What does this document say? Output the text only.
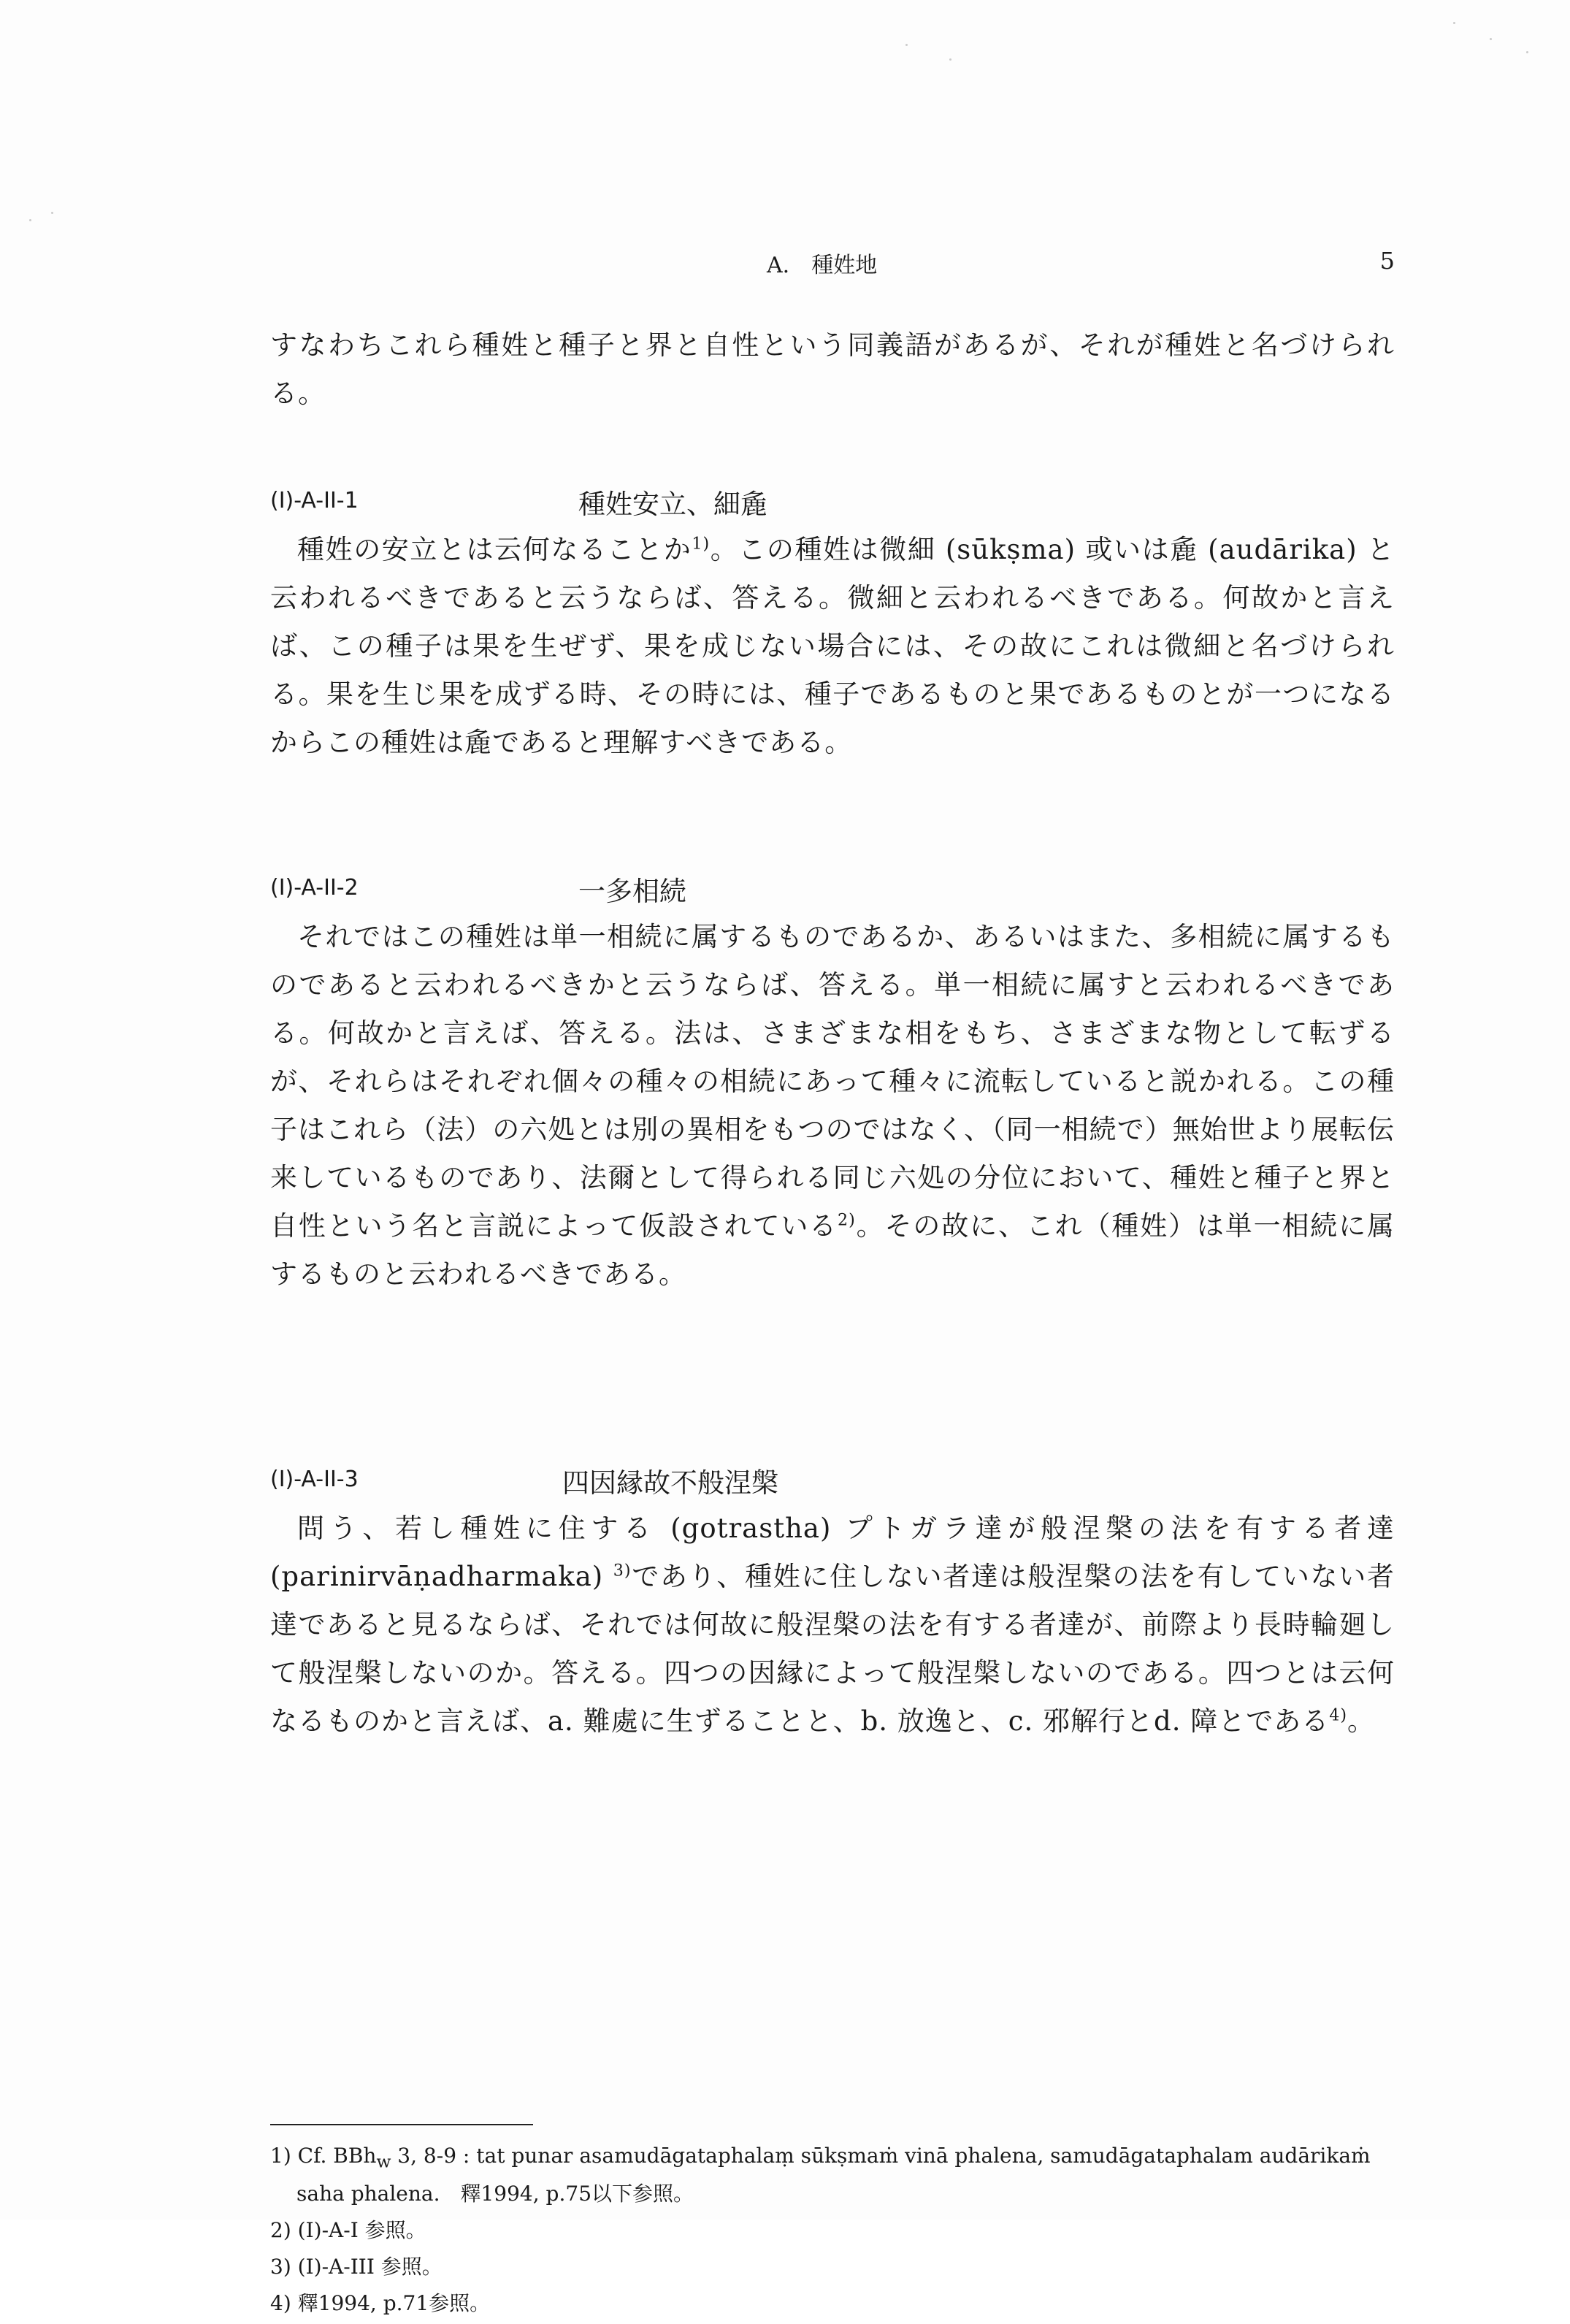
A.　種姓地	5

すなわちこれら種姓と種子と界と自性という同義語があるが、それが種姓と名づけられる。

(I)-A-II-1	種姓安立、細麁

種姓の安立とは云何なることか$^{1)}$。この種姓は微細 (sūkṣma) 或いは麁 (audārika) と云われるべきであると云うならば、答える。微細と云われるべきである。何故かと言えば、この種子は果を生ぜず、果を成じない場合には、その故にこれは微細と名づけられる。果を生じ果を成ずる時、その時には、種子であるものと果であるものとが一つになるからこの種姓は麁であると理解すべきである。

(I)-A-II-2	一多相続

それではこの種姓は単一相続に属するものであるか、あるいはまた、多相続に属するものであると云われるべきかと云うならば、答える。単一相続に属すと云われるべきである。何故かと言えば、答える。法は、さまざまな相をもち、さまざまな物として転ずるが、それらはそれぞれ個々の種々の相続にあって種々に流転していると説かれる。この種子はこれら（法）の六処とは別の異相をもつのではなく、（同一相続で）無始世より展転伝来しているものであり、法爾として得られる同じ六処の分位において、種姓と種子と界と自性という名と言説によって仮設されている$^{2)}$。その故に、これ（種姓）は単一相続に属するものと云われるべきである。

(I)-A-II-3	四因縁故不般涅槃

問う、若し種姓に住する (gotrastha) プトガラ達が般涅槃の法を有する者達 (parinirvāṇadharmaka) $^{3)}$であり、種姓に住しない者達は般涅槃の法を有していない者達であると見るならば、それでは何故に般涅槃の法を有する者達が、前際より長時輪廻して般涅槃しないのか。答える。四つの因縁によって般涅槃しないのである。四つとは云何なるものかと言えば、a. 難處に生ずることと、b. 放逸と、c. 邪解行とd. 障とである$^{4)}$。

1) Cf. BBh$_w$ 3, 8-9 : tat punar asamudāgataphalaṃ sūkṣmaṁ vinā phalena, samudāgataphalam audārikaṁ saha phalena.　釋1994, p.75以下参照。

2) (I)-A-I 参照。

3) (I)-A-III 参照。

4) 釋1994, p.71参照。
